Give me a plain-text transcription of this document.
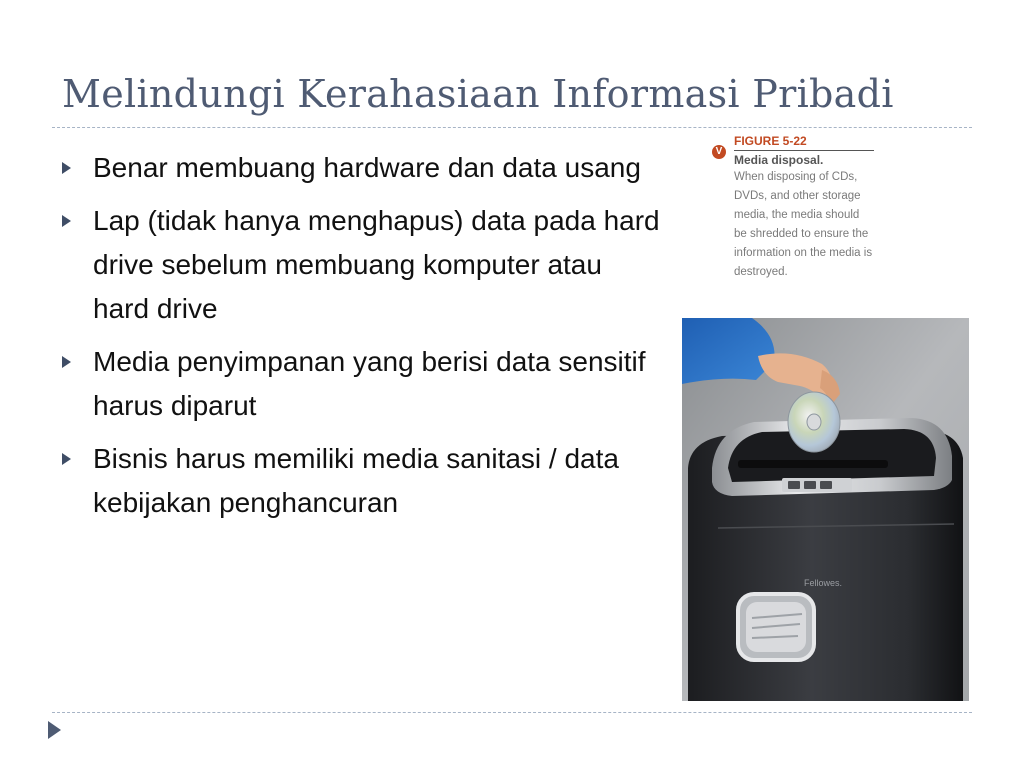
Melindungi Kerahasiaan Informasi Pribadi
Benar membuang hardware dan data usang
Lap (tidak hanya menghapus) data pada hard drive sebelum membuang komputer atau hard drive
Media penyimpanan yang berisi data sensitif harus diparut
Bisnis harus memiliki media sanitasi / data kebijakan penghancuran
V
FIGURE 5-22
Media disposal.
When disposing of CDs, DVDs, and other storage media, the media should be shredded to ensure the information on the media is destroyed.
Fellowes.
